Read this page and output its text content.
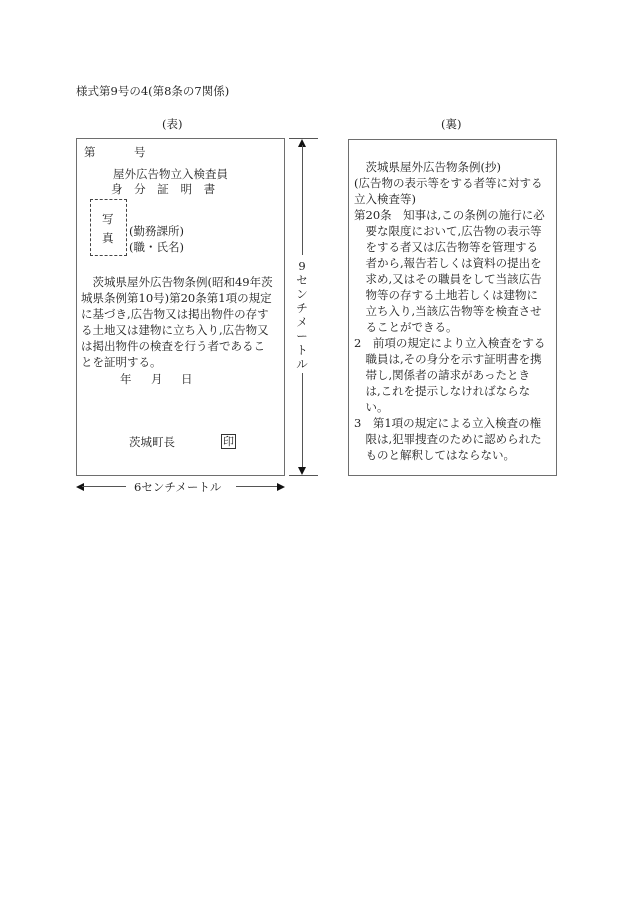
様式第9号の4(第8条の7関係)
(表)
第	号
屋外広告物立入検査員
身 分 証 明 書
写
真 (勤務課所)
(職・氏名)
　茨城県屋外広告物条例(昭和49年茨
城県条例第10号)第20条第1項の規定
に基づき,広告物又は掲出物件の存す
る土地又は建物に立ち入り,広告物又
は掲出物件の検査を行う者であるこ
とを証明する。
年 月 日
茨城町長	印
6センチメートル
9
セ
ン
チ
メ
ー
ト
ル
(裏)
　茨城県屋外広告物条例(抄)
(広告物の表示等をする者等に対する
立入検査等)
第20条　知事は,この条例の施行に必
　要な限度において,広告物の表示等
　をする者又は広告物等を管理する
　者から,報告若しくは資料の提出を
　求め,又はその職員をして当該広告
　物等の存する土地若しくは建物に
　立ち入り,当該広告物等を検査させ
　ることができる。
2　前項の規定により立入検査をする
　職員は,その身分を示す証明書を携
　帯し,関係者の請求があったとき
　は,これを提示しなければならな
　い。
3　第1項の規定による立入検査の権
　限は,犯罪捜査のために認められた
　ものと解釈してはならない。
